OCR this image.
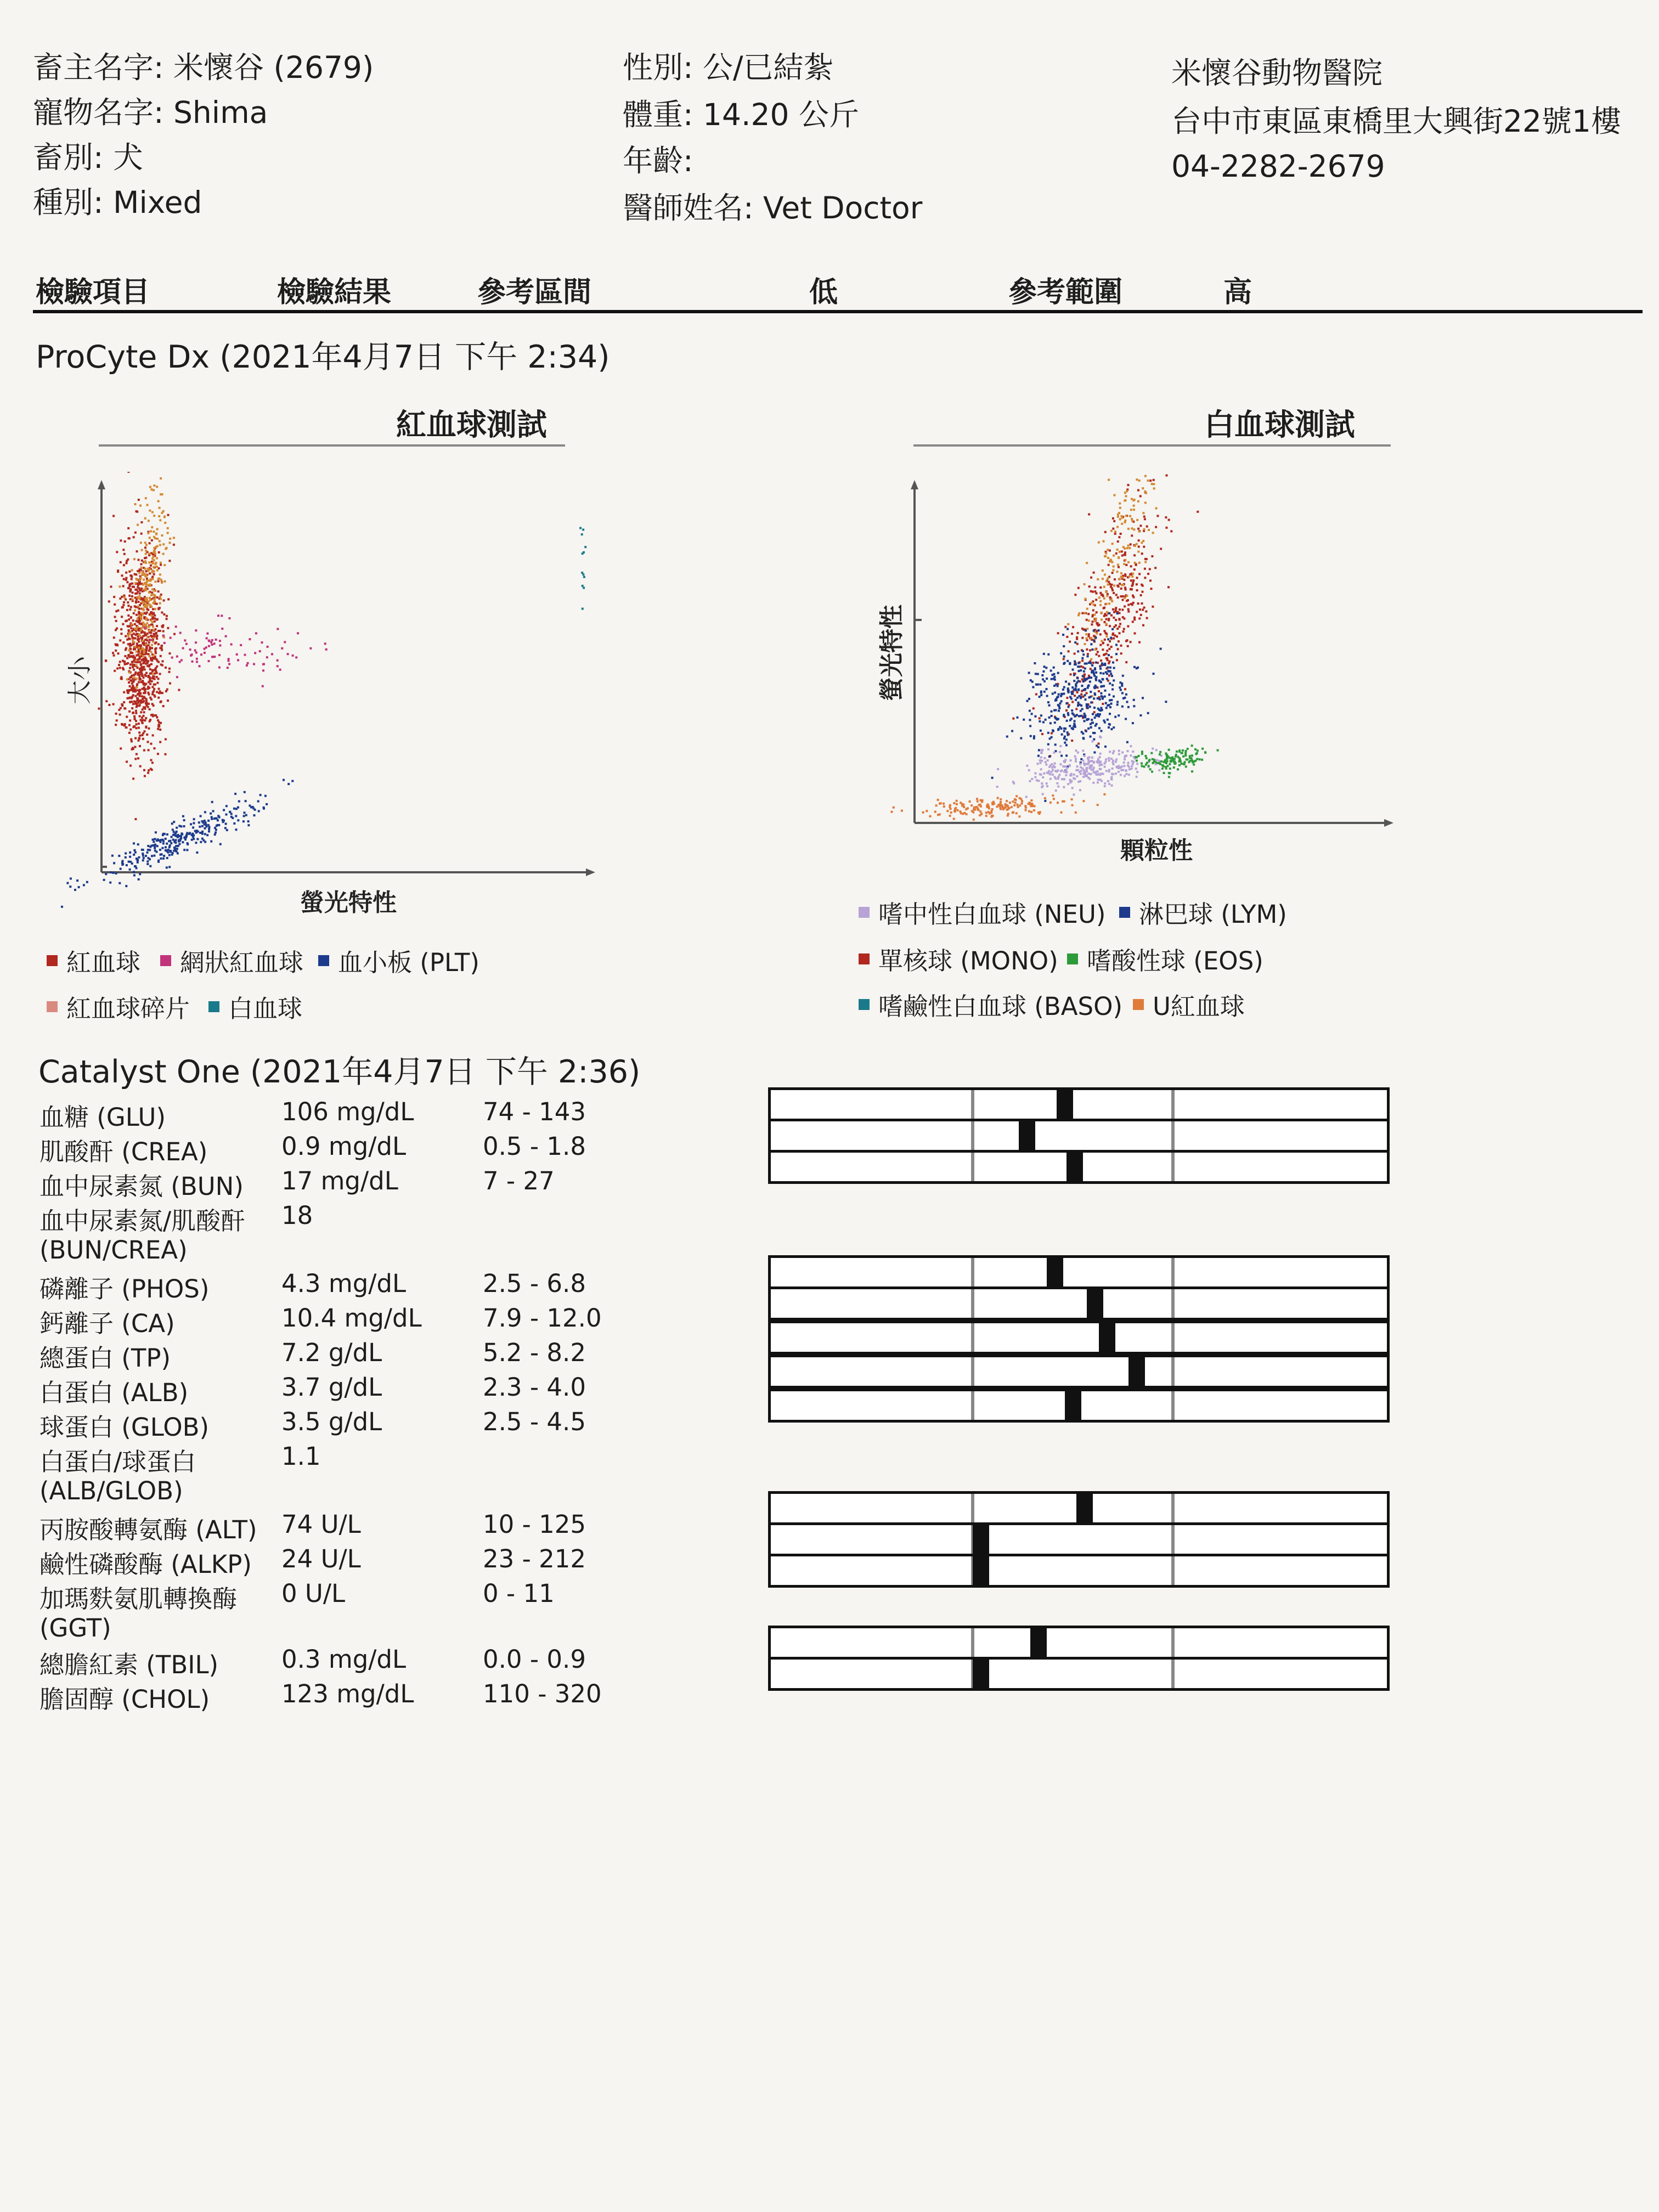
畜主名字: 米懷谷 (2679)
寵物名字: Shima
畜別: 犬
種別: Mixed
性別: 公/已結紮
體重: 14.20 公斤
年齡:
醫師姓名: Vet Doctor
米懷谷動物醫院
台中市東區東橋里大興街22號1樓
04-2282-2679
檢驗項目	檢驗結果	參考區間	低	參考範圍	高
ProCyte Dx (2021年4月7日 下午 2:34)
紅血球測試	白血球測試
大小
螢光特性
螢光特性
顆粒性
紅血球 網狀紅血球 血小板 (PLT)
紅血球碎片 白血球
嗜中性白血球 (NEU) 淋巴球 (LYM)
單核球 (MONO) 嗜酸性球 (EOS)
嗜鹼性白血球 (BASO) U紅血球
Catalyst One (2021年4月7日 下午 2:36)
血糖 (GLU)	106 mg/dL	74 - 143
肌酸酐 (CREA)	0.9 mg/dL	0.5 - 1.8
血中尿素氮 (BUN) 17 mg/dL	7 - 27
血中尿素氮/肌酸酐 18
(BUN/CREA)
磷離子 (PHOS)	4.3 mg/dL	2.5 - 6.8
鈣離子 (CA)	10.4 mg/dL 7.9 - 12.0
總蛋白 (TP)	7.2 g/dL	5.2 - 8.2
白蛋白 (ALB)	3.7 g/dL	2.3 - 4.0
球蛋白 (GLOB)	3.5 g/dL	2.5 - 4.5
白蛋白/球蛋白	1.1
(ALB/GLOB)
丙胺酸轉氨酶 (ALT) 74 U/L	10 - 125
鹼性磷酸酶 (ALKP) 24 U/L	23 - 212
加瑪麩氨肌轉換酶 0 U/L	0 - 11
(GGT)
總膽紅素 (TBIL)	0.3 mg/dL	0.0 - 0.9
膽固醇 (CHOL)	123 mg/dL	110 - 320
